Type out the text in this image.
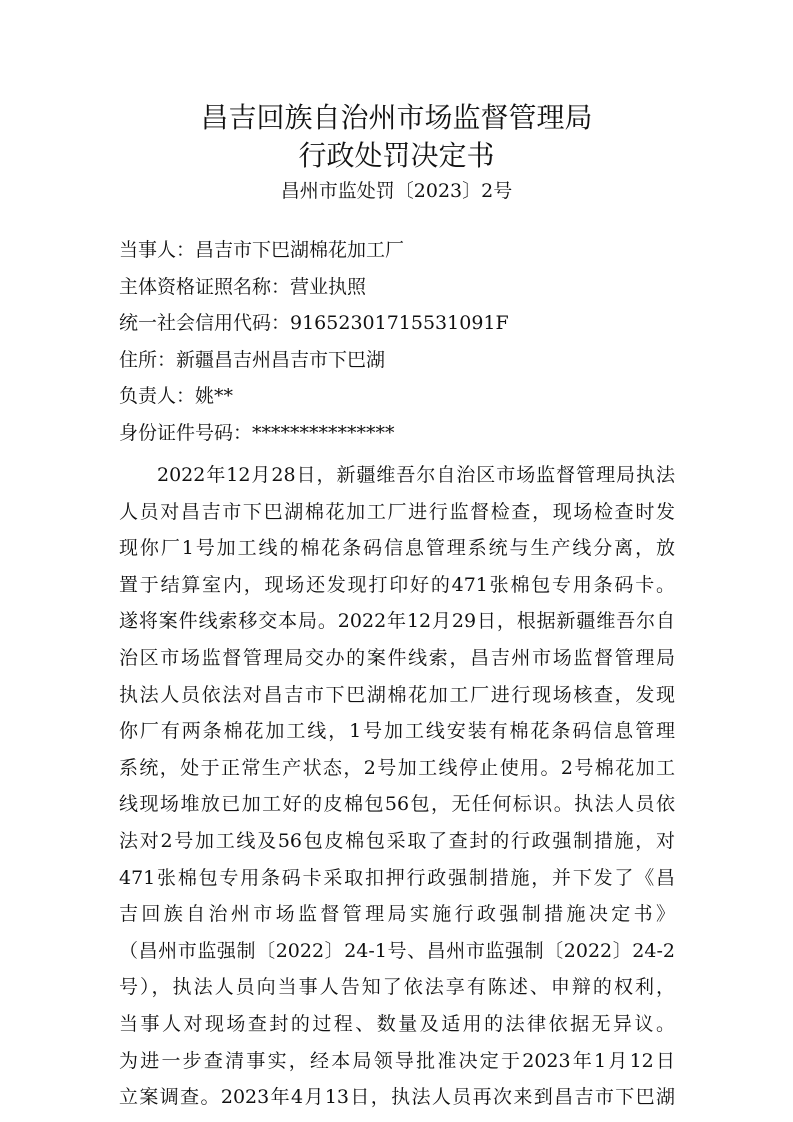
昌吉回族自治州市场监督管理局
行政处罚决定书
昌州市监处罚〔2023〕2号
当事人：昌吉市下巴湖棉花加工厂
主体资格证照名称：营业执照
统一社会信用代码：91652301715531091F
住所：新疆昌吉州昌吉市下巴湖
负责人：姚**
身份证件号码：***************
2022年12月28日，新疆维吾尔自治区市场监督管理局执法
人员对昌吉市下巴湖棉花加工厂进行监督检查，现场检查时发
现你厂1号加工线的棉花条码信息管理系统与生产线分离，放
置于结算室内，现场还发现打印好的471张棉包专用条码卡。
遂将案件线索移交本局。2022年12月29日，根据新疆维吾尔自
治区市场监督管理局交办的案件线索，昌吉州市场监督管理局
执法人员依法对昌吉市下巴湖棉花加工厂进行现场核查，发现
你厂有两条棉花加工线，1号加工线安装有棉花条码信息管理
系统，处于正常生产状态，2号加工线停止使用。2号棉花加工
线现场堆放已加工好的皮棉包56包，无任何标识。执法人员依
法对2号加工线及56包皮棉包采取了查封的行政强制措施，对
471张棉包专用条码卡采取扣押行政强制措施，并下发了《昌
吉回族自治州市场监督管理局实施行政强制措施决定书》
（昌州市监强制〔2022〕24-1号、昌州市监强制〔2022〕24-2
号），执法人员向当事人告知了依法享有陈述、申辩的权利，
当事人对现场查封的过程、数量及适用的法律依据无异议。
为进一步查清事实，经本局领导批准决定于2023年1月12日
立案调查。2023年4月13日，执法人员再次来到昌吉市下巴湖
